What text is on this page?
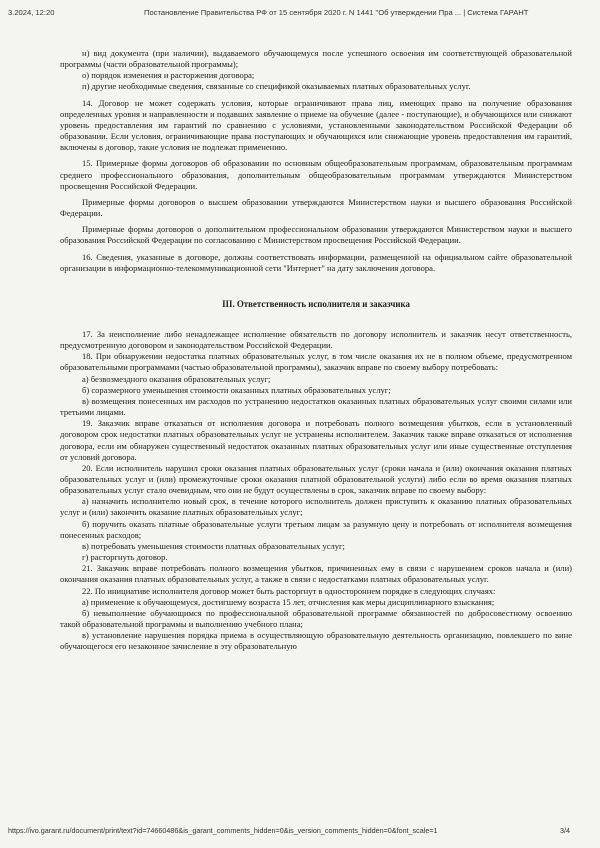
3.2024, 12:20	Постановление Правительства РФ от 15 сентября 2020 г. N 1441 "Об утверждении Пра ... | Система ГАРАНТ

н) вид документа (при наличии), выдаваемого обучающемуся после успешного освоения им соответствующей образовательной программы (части образовательной программы);

о) порядок изменения и расторжения договора;

п) другие необходимые сведения, связанные со спецификой оказываемых платных образовательных услуг.

14. Договор не может содержать условия, которые ограничивают права лиц, имеющих право на получение образования определенных уровня и направленности и подавших заявление о приеме на обучение (далее - поступающие), и обучающихся или снижают уровень предоставления им гарантий по сравнению с условиями, установленными законодательством Российской Федерации об образовании. Если условия, ограничивающие права поступающих и обучающихся или снижающие уровень предоставления им гарантий, включены в договор, такие условия не подлежат применению.

15. Примерные формы договоров об образовании по основным общеобразовательным программам, образовательным программам среднего профессионального образования, дополнительным общеобразовательным программам утверждаются Министерством просвещения Российской Федерации.

Примерные формы договоров о высшем образовании утверждаются Министерством науки и высшего образования Российской Федерации.

Примерные формы договоров о дополнительном профессиональном образовании утверждаются Министерством науки и высшего образования Российской Федерации по согласованию с Министерством просвещения Российской Федерации.

16. Сведения, указанные в договоре, должны соответствовать информации, размещенной на официальном сайте образовательной организации в информационно-телекоммуникационной сети "Интернет" на дату заключения договора.

III. Ответственность исполнителя и заказчика

17. За неисполнение либо ненадлежащее исполнение обязательств по договору исполнитель и заказчик несут ответственность, предусмотренную договором и законодательством Российской Федерации.

18. При обнаружении недостатка платных образовательных услуг, в том числе оказания их не в полном объеме, предусмотренном образовательными программами (частью образовательной программы), заказчик вправе по своему выбору потребовать:

а) безвозмездного оказания образовательных услуг;

б) соразмерного уменьшения стоимости оказанных платных образовательных услуг;

в) возмещения понесенных им расходов по устранению недостатков оказанных платных образовательных услуг своими силами или третьими лицами.

19. Заказчик вправе отказаться от исполнения договора и потребовать полного возмещения убытков, если в установленный договором срок недостатки платных образовательных услуг не устранены исполнителем. Заказчик также вправе отказаться от исполнения договора, если им обнаружен существенный недостаток оказанных платных образовательных услуг или иные существенные отступления от условий договора.

20. Если исполнитель нарушил сроки оказания платных образовательных услуг (сроки начала и (или) окончания оказания платных образовательных услуг и (или) промежуточные сроки оказания платной образовательной услуги) либо если во время оказания платных образовательных услуг стало очевидным, что они не будут осуществлены в срок, заказчик вправе по своему выбору:

а) назначить исполнителю новый срок, в течение которого исполнитель должен приступить к оказанию платных образовательных услуг и (или) закончить оказание платных образовательных услуг;

б) поручить оказать платные образовательные услуги третьим лицам за разумную цену и потребовать от исполнителя возмещения понесенных расходов;

в) потребовать уменьшения стоимости платных образовательных услуг;

г) расторгнуть договор.

21. Заказчик вправе потребовать полного возмещения убытков, причиненных ему в связи с нарушением сроков начала и (или) окончания оказания платных образовательных услуг, а также в связи с недостатками платных образовательных услуг.

22. По инициативе исполнителя договор может быть расторгнут в одностороннем порядке в следующих случаях:

а) применение к обучающемуся, достигшему возраста 15 лет, отчисления как меры дисциплинарного взыскания;

б) невыполнение обучающимся по профессиональной образовательной программе обязанностей по добросовестному освоению такой образовательной программы и выполнению учебного плана;

в) установление нарушения порядка приема в осуществляющую образовательную деятельность организацию, повлекшего по вине обучающегося его незаконное зачисление в эту образовательную

https://ivo.garant.ru/document/print/text?id=74660486&is_garant_comments_hidden=0&is_version_comments_hidden=0&font_scale=1	3/4
